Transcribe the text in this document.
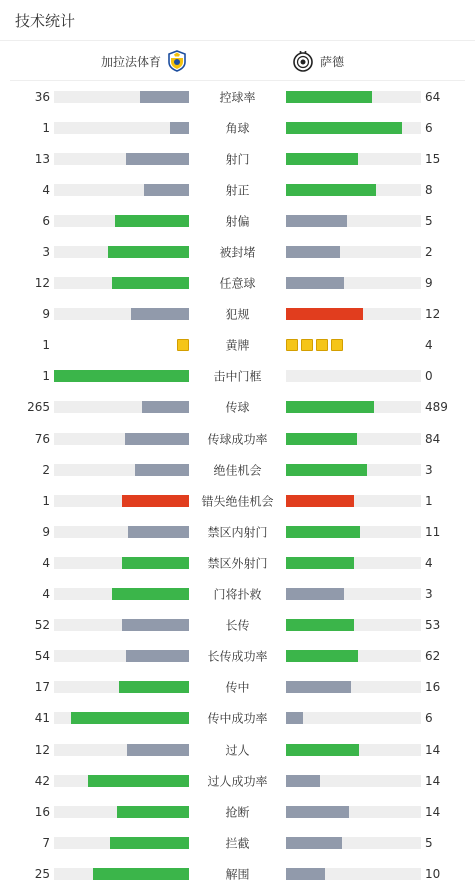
技术统计
加拉法体育	萨德
36	控球率	64
1	角球	6
13	射门	15
4	射正	8
6	射偏	5
3	被封堵	2
12	任意球	9
9	犯规	12
1	黄牌	4
1	击中门框	0
265	传球	489
76	传球成功率	84
2	绝佳机会	3
1	错失绝佳机会	1
9	禁区内射门	11
4	禁区外射门	4
4	门将扑救	3
52	长传	53
54	长传成功率	62
17	传中	16
41	传中成功率	6
12	过人	14
42	过人成功率	14
16	抢断	14
7	拦截	5
25	解围	10
